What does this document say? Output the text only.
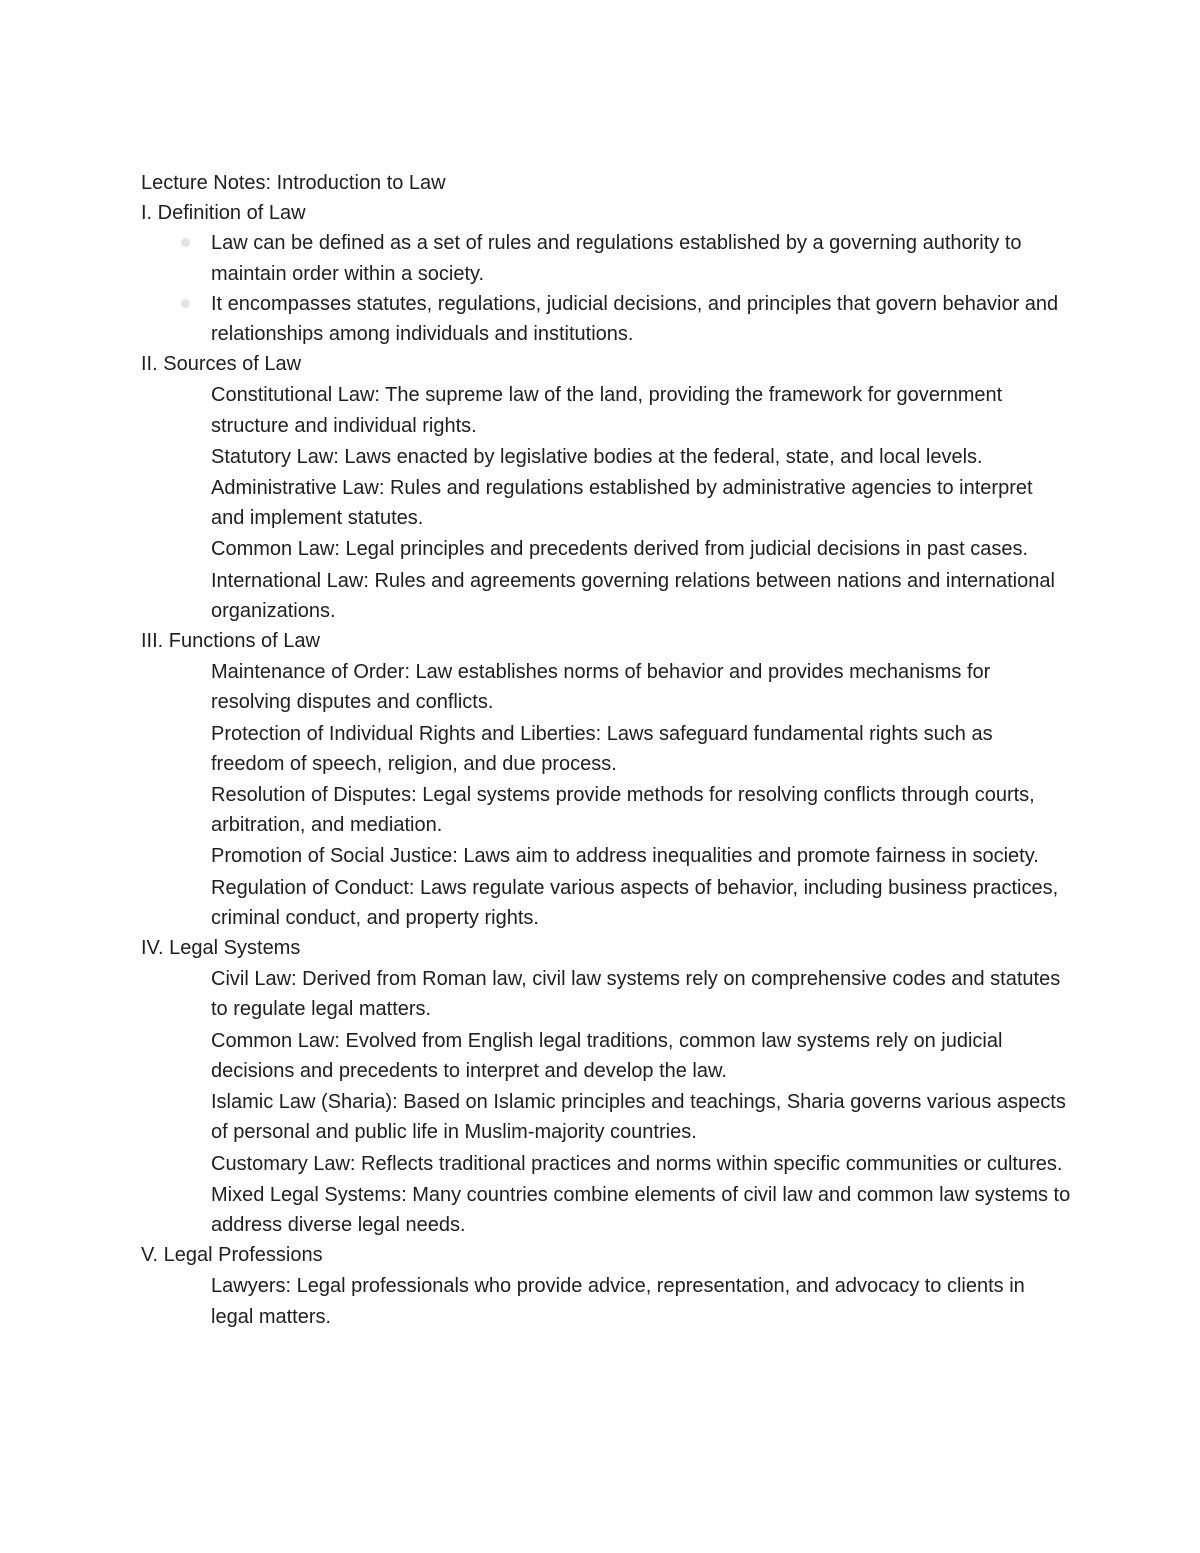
Lecture Notes: Introduction to Law
I. Definition of Law
Law can be defined as a set of rules and regulations established by a governing authority to maintain order within a society.
It encompasses statutes, regulations, judicial decisions, and principles that govern behavior and relationships among individuals and institutions.
II. Sources of Law
Constitutional Law: The supreme law of the land, providing the framework for government structure and individual rights.
Statutory Law: Laws enacted by legislative bodies at the federal, state, and local levels.
Administrative Law: Rules and regulations established by administrative agencies to interpret and implement statutes.
Common Law: Legal principles and precedents derived from judicial decisions in past cases.
International Law: Rules and agreements governing relations between nations and international organizations.
III. Functions of Law
Maintenance of Order: Law establishes norms of behavior and provides mechanisms for resolving disputes and conflicts.
Protection of Individual Rights and Liberties: Laws safeguard fundamental rights such as freedom of speech, religion, and due process.
Resolution of Disputes: Legal systems provide methods for resolving conflicts through courts, arbitration, and mediation.
Promotion of Social Justice: Laws aim to address inequalities and promote fairness in society.
Regulation of Conduct: Laws regulate various aspects of behavior, including business practices, criminal conduct, and property rights.
IV. Legal Systems
Civil Law: Derived from Roman law, civil law systems rely on comprehensive codes and statutes to regulate legal matters.
Common Law: Evolved from English legal traditions, common law systems rely on judicial decisions and precedents to interpret and develop the law.
Islamic Law (Sharia): Based on Islamic principles and teachings, Sharia governs various aspects of personal and public life in Muslim-majority countries.
Customary Law: Reflects traditional practices and norms within specific communities or cultures.
Mixed Legal Systems: Many countries combine elements of civil law and common law systems to address diverse legal needs.
V. Legal Professions
Lawyers: Legal professionals who provide advice, representation, and advocacy to clients in legal matters.
